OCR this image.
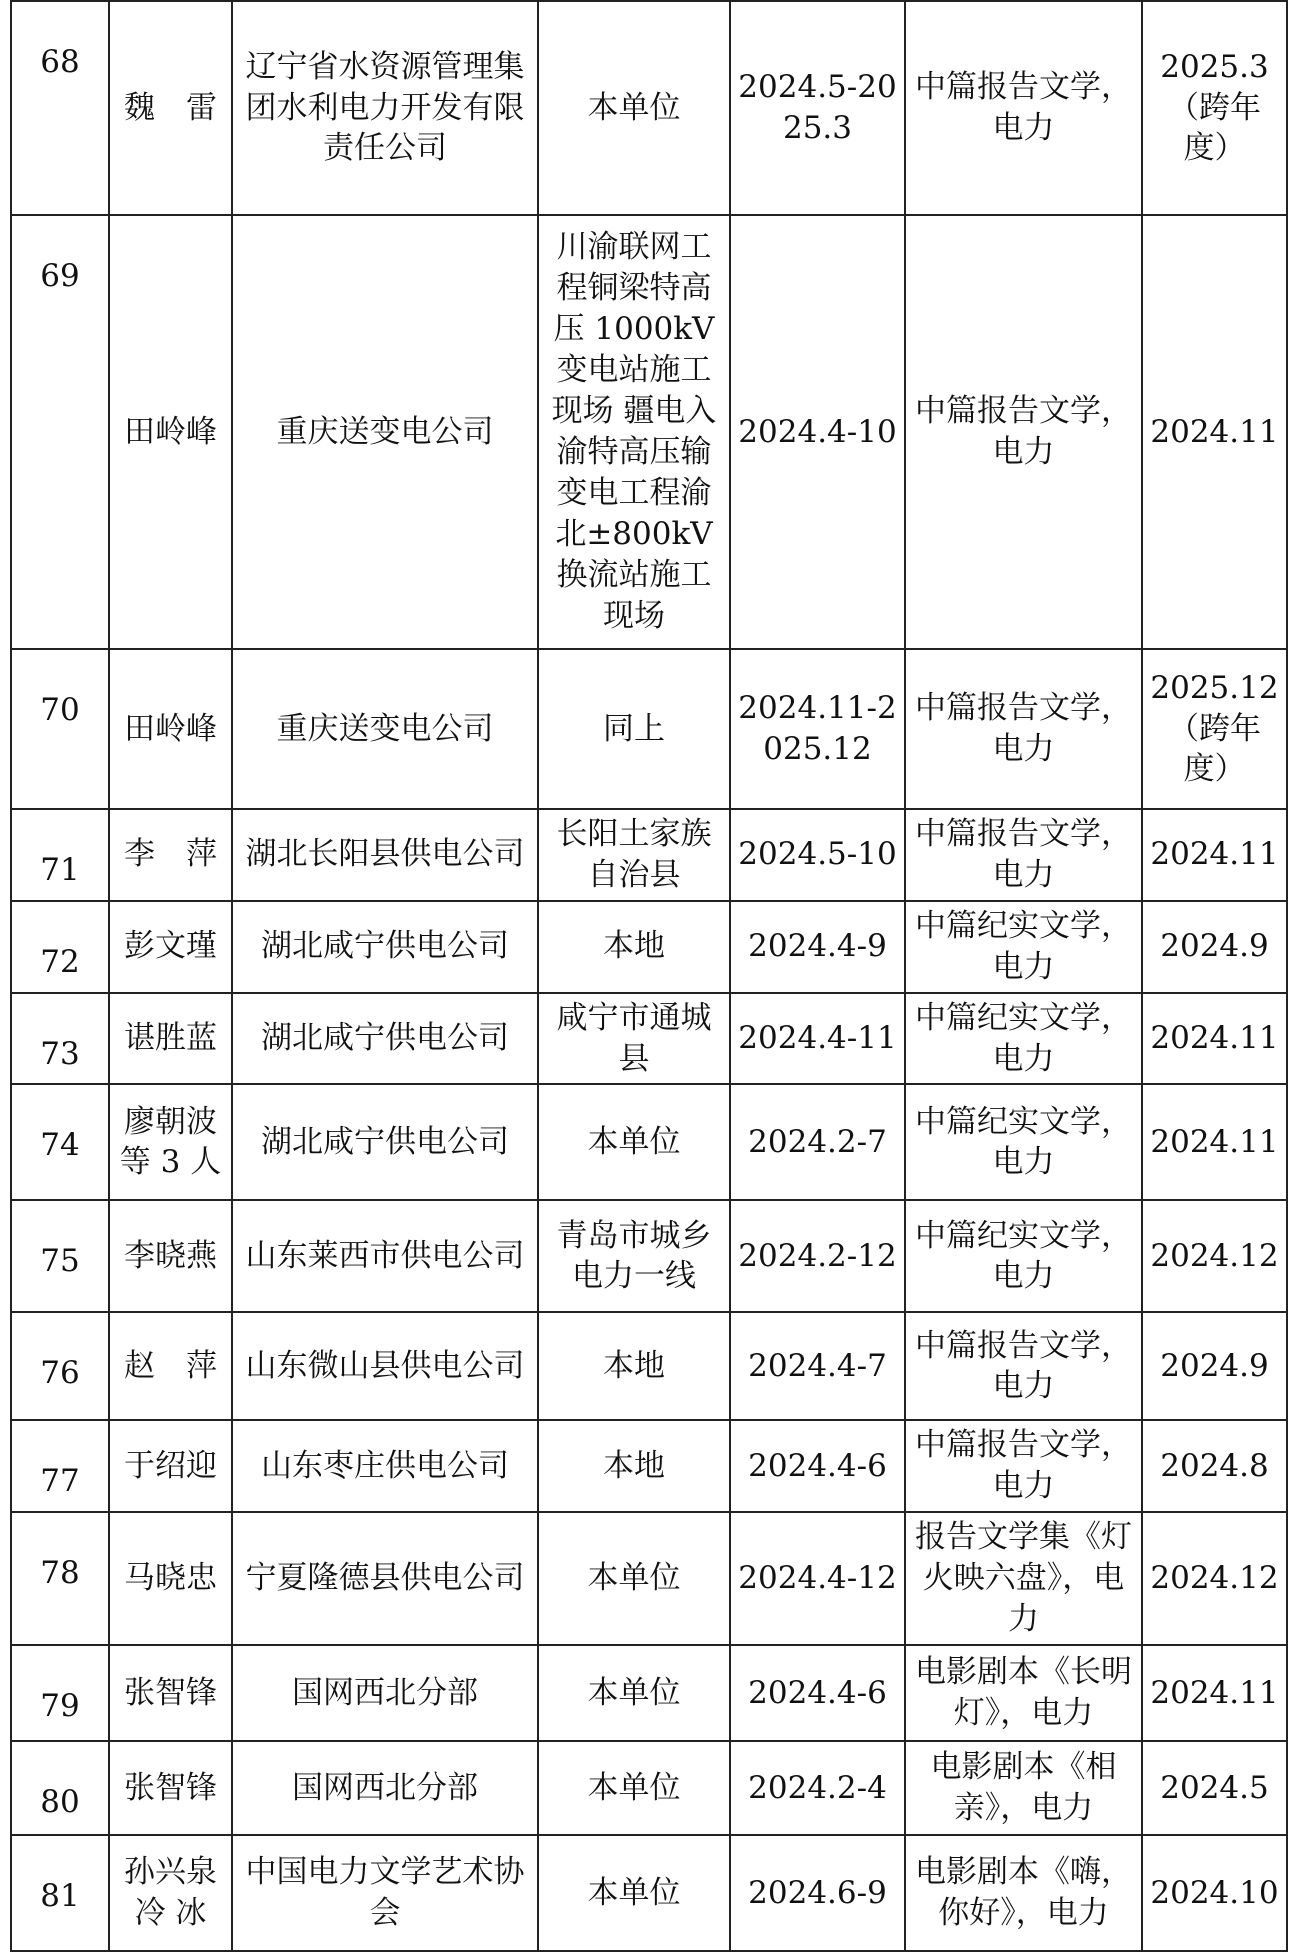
68	魏　雷	辽宁省水资源管理集团水利电力开发有限责任公司	本单位	2024.5-2025.3	中篇报告文学，电力	2025.3（跨年度）
69	田岭峰	重庆送变电公司	川渝联网工程铜梁特高压 1000kV 变电站施工现场 疆电入渝特高压输变电工程渝北±800kV 换流站施工现场	2024.4-10	中篇报告文学，电力	2024.11
70	田岭峰	重庆送变电公司	同上	2024.11-2025.12	中篇报告文学，电力	2025.12（跨年度）
71	李　萍	湖北长阳县供电公司	长阳土家族自治县	2024.5-10	中篇报告文学，电力	2024.11
72	彭文瑾	湖北咸宁供电公司	本地	2024.4-9	中篇纪实文学，电力	2024.9
73	谌胜蓝	湖北咸宁供电公司	咸宁市通城县	2024.4-11	中篇纪实文学，电力	2024.11
74	廖朝波等 3 人	湖北咸宁供电公司	本单位	2024.2-7	中篇纪实文学，电力	2024.11
75	李晓燕	山东莱西市供电公司	青岛市城乡电力一线	2024.2-12	中篇纪实文学，电力	2024.12
76	赵　萍	山东微山县供电公司	本地	2024.4-7	中篇报告文学，电力	2024.9
77	于绍迎	山东枣庄供电公司	本地	2024.4-6	中篇报告文学，电力	2024.8
78	马晓忠	宁夏隆德县供电公司	本单位	2024.4-12	报告文学集《灯火映六盘》，电力	2024.12
79	张智锋	国网西北分部	本单位	2024.4-6	电影剧本《长明灯》，电力	2024.11
80	张智锋	国网西北分部	本单位	2024.2-4	电影剧本《相亲》，电力	2024.5
81	孙兴泉 冷 冰	中国电力文学艺术协会	本单位	2024.6-9	电影剧本《嗨，你好》，电力	2024.10
